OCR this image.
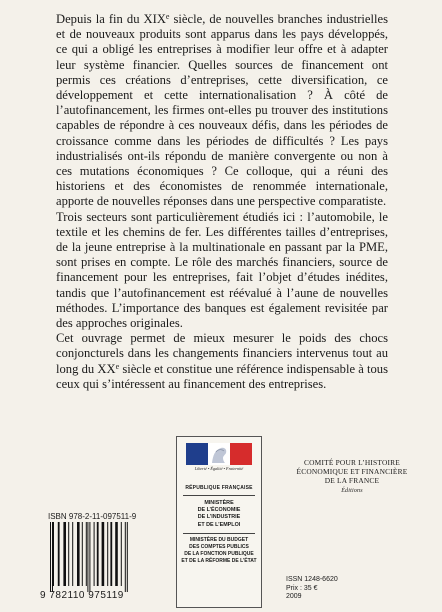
Depuis la fin du XIXe siècle, de nouvelles branches industrielles et de nouveaux produits sont apparus dans les pays développés, ce qui a obligé les entreprises à modifier leur offre et à adapter leur système financier. Quelles sources de financement ont permis ces créations d’entreprises, cette diversification, ce développement et cette internationalisation ? À côté de l’autofinancement, les firmes ont-elles pu trouver des institutions capables de répondre à ces nouveaux défis, dans les périodes de croissance comme dans les périodes de difficultés ? Les pays industrialisés ont-ils répondu de manière convergente ou non à ces mutations économiques ? Ce colloque, qui a réuni des historiens et des économistes de renommée internationale, apporte de nouvelles réponses dans une perspective comparatiste.

Trois secteurs sont particulièrement étudiés ici : l’automobile, le textile et les chemins de fer. Les différentes tailles d’entreprises, de la jeune entreprise à la multinationale en passant par la PME, sont prises en compte. Le rôle des marchés financiers, source de financement pour les entreprises, fait l’objet d’études inédites, tandis que l’autofinancement est réévalué à l’aune de nouvelles méthodes. L’importance des banques est également revisitée par des approches originales.

Cet ouvrage permet de mieux mesurer le poids des chocs conjoncturels dans les changements financiers intervenus tout au long du XXe siècle et constitue une référence indispensable à tous ceux qui s’intéressent au financement des entreprises.

Liberté • Égalité • Fraternité
RÉPUBLIQUE FRANÇAISE
MINISTÈRE
DE L’ÉCONOMIE
DE L’INDUSTRIE
ET DE L’EMPLOI
MINISTÈRE DU BUDGET
DES COMPTES PUBLICS
DE LA FONCTION PUBLIQUE
ET DE LA RÉFORME DE L’ÉTAT
COMITÉ POUR L’HISTOIRE
ÉCONOMIQUE ET FINANCIÈRE
DE LA FRANCE
Éditions
ISBN 978-2-11-097511-9
9 782110 975119
ISSN 1248-6620
Prix : 35 €
2009
